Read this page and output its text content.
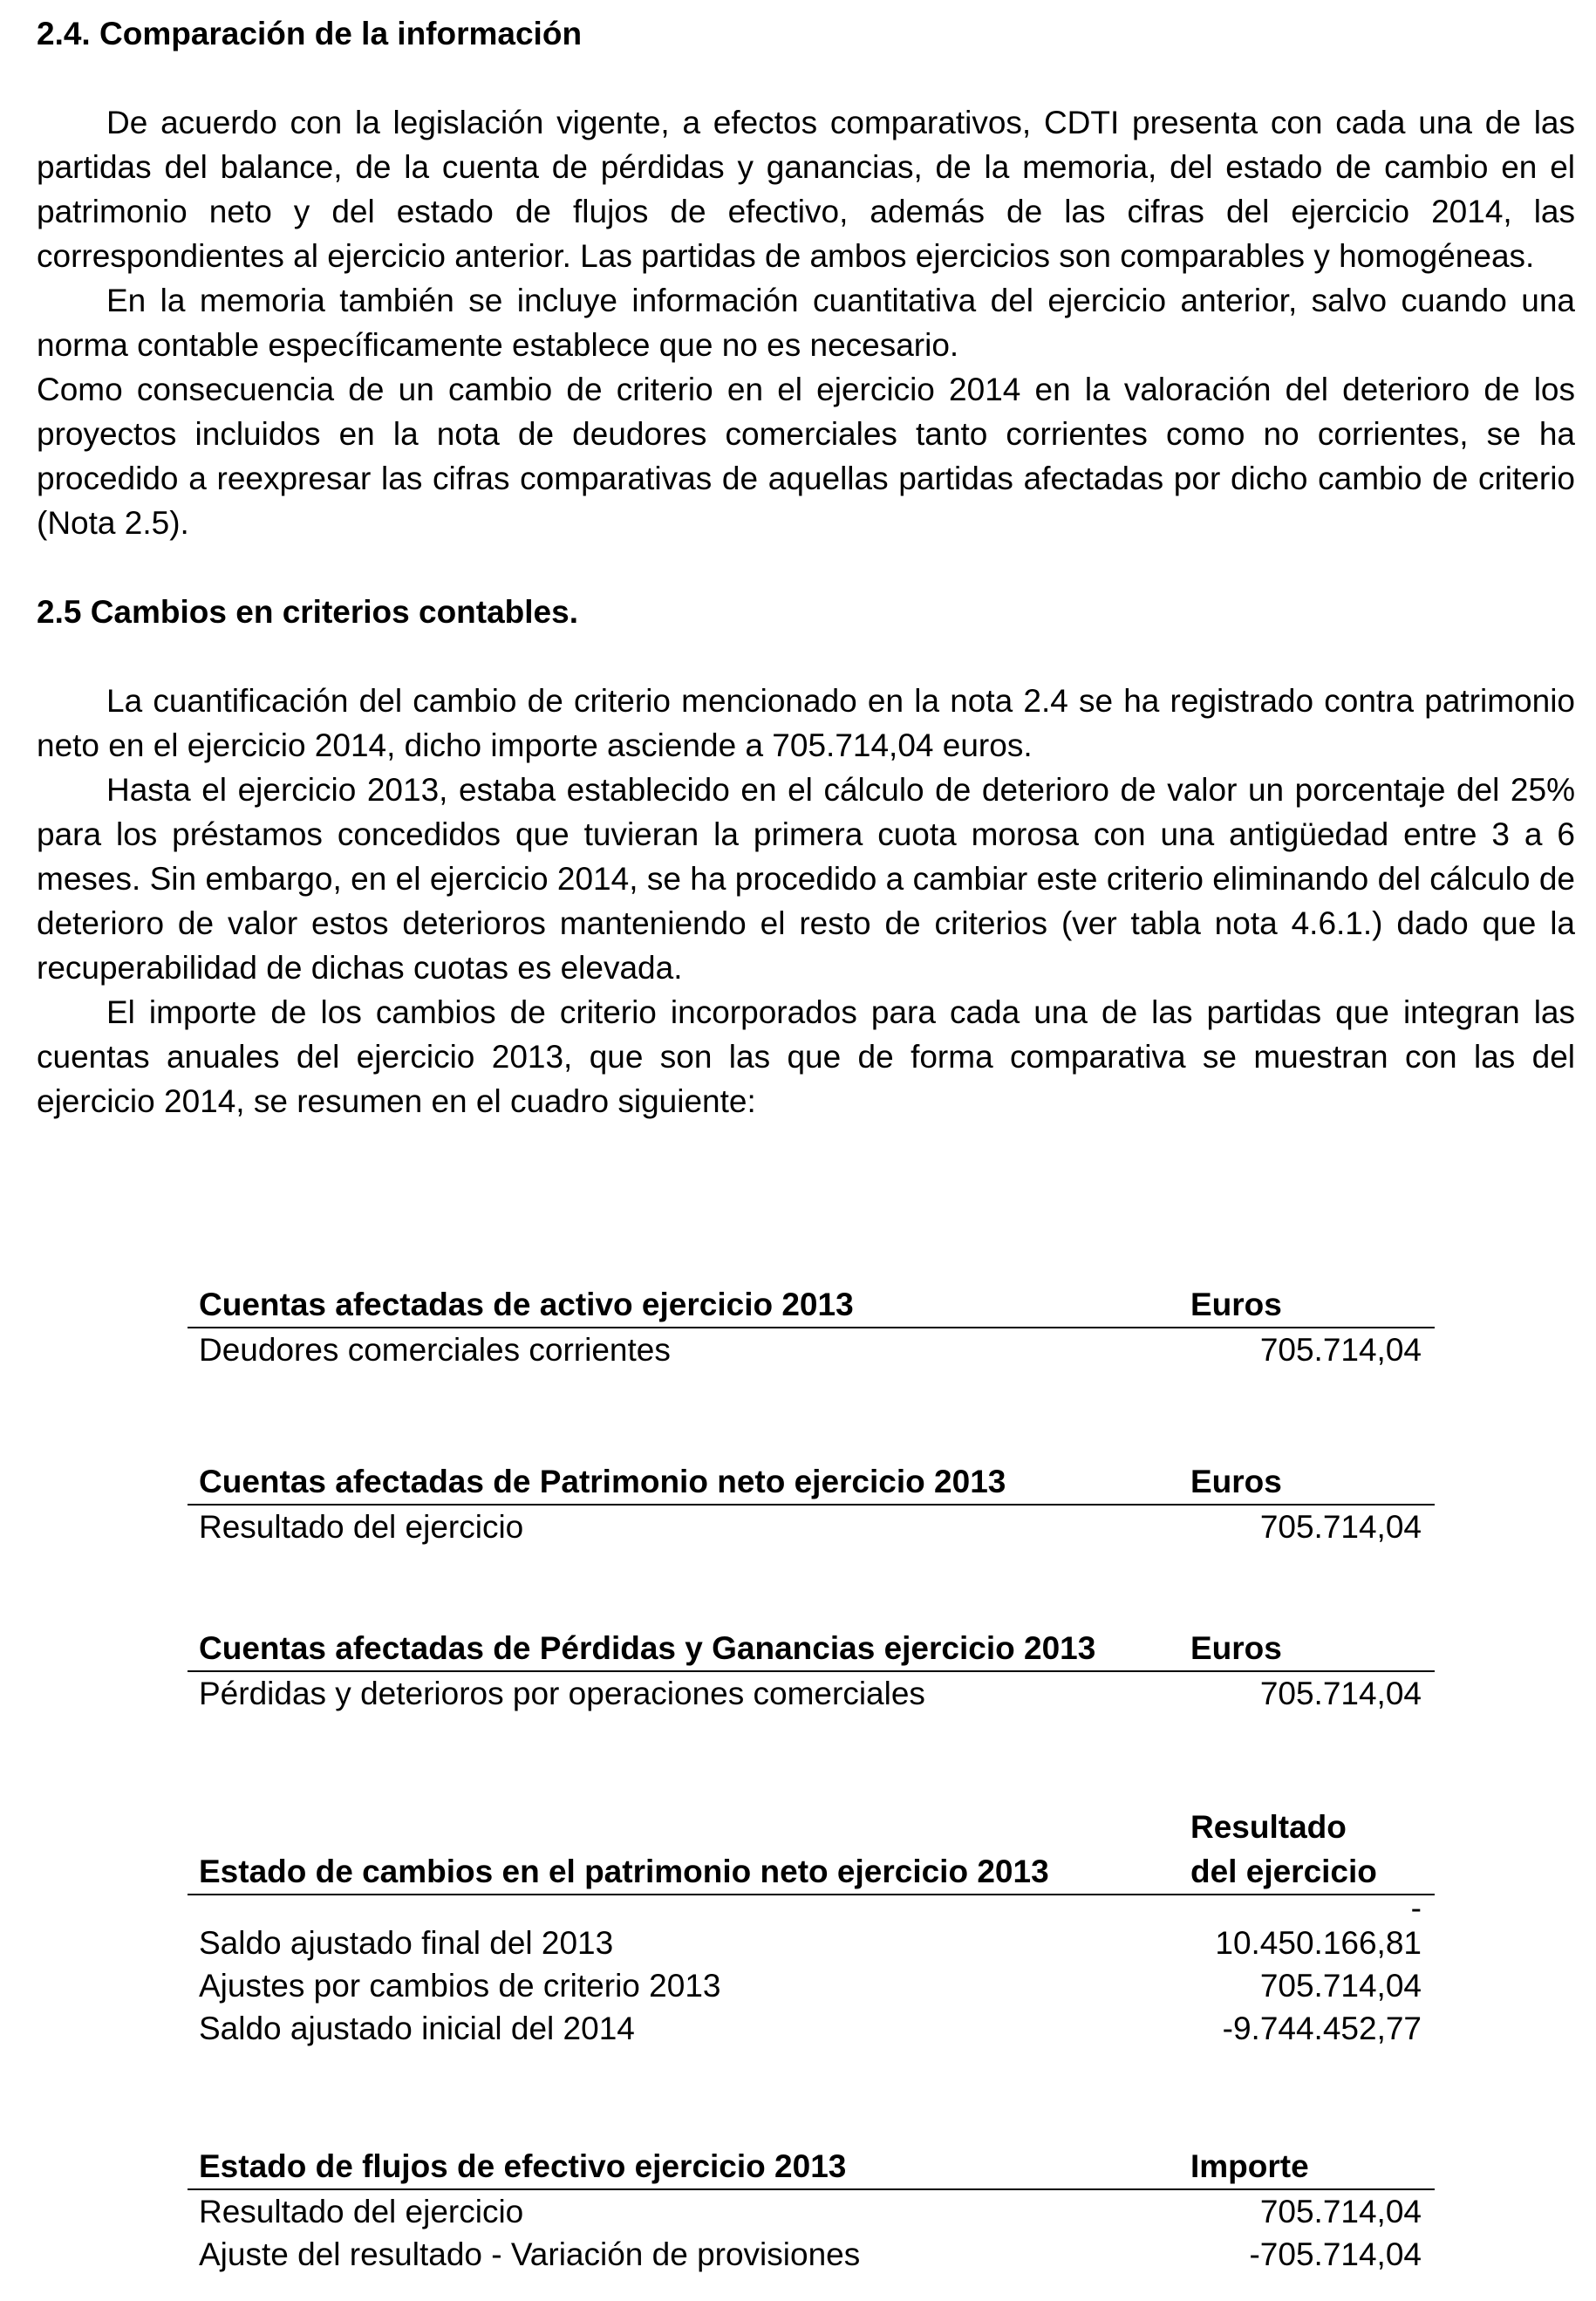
2.4. Comparación de la información

De acuerdo con la legislación vigente, a efectos comparativos, CDTI presenta con cada una de las partidas del balance, de la cuenta de pérdidas y ganancias, de la memoria, del estado de cambio en el patrimonio neto y del estado de flujos de efectivo, además de las cifras del ejercicio 2014, las correspondientes al ejercicio anterior. Las partidas de ambos ejercicios son comparables y homogéneas.

En la memoria también se incluye información cuantitativa del ejercicio anterior, salvo cuando una norma contable específicamente establece que no es necesario.

Como consecuencia de un cambio de criterio en el ejercicio 2014 en la valoración del deterioro de los proyectos incluidos en la nota de deudores comerciales tanto corrientes como no corrientes, se ha procedido a reexpresar las cifras comparativas de aquellas partidas afectadas por dicho cambio de criterio (Nota 2.5).

2.5 Cambios en criterios contables.

La cuantificación del cambio de criterio mencionado en la nota 2.4 se ha registrado contra patrimonio neto en el ejercicio 2014, dicho importe asciende a 705.714,04 euros.

Hasta el ejercicio 2013, estaba establecido en el cálculo de deterioro de valor un porcentaje del 25% para los préstamos concedidos que tuvieran la primera cuota morosa con una antigüedad entre 3 a 6 meses. Sin embargo, en el ejercicio 2014, se ha procedido a cambiar este criterio eliminando del cálculo de deterioro de valor estos deterioros manteniendo el resto de criterios (ver tabla nota 4.6.1.) dado que la recuperabilidad de dichas cuotas es elevada.

El importe de los cambios de criterio incorporados para cada una de las partidas que integran las cuentas anuales del ejercicio 2013, que son las que de forma comparativa se muestran con las del ejercicio 2014, se resumen en el cuadro siguiente:

Cuentas afectadas de activo ejercicio 2013	Euros
Deudores comerciales corrientes	705.714,04
Cuentas afectadas de Patrimonio neto ejercicio 2013	Euros
Resultado del ejercicio	705.714,04
Cuentas afectadas de Pérdidas y Ganancias ejercicio 2013	Euros
Pérdidas y deterioros por operaciones comerciales	705.714,04
Estado de cambios en el patrimonio neto ejercicio 2013	Resultado
del ejercicio
	-
Saldo ajustado final del 2013	10.450.166,81
Ajustes por cambios de criterio 2013	705.714,04
Saldo ajustado inicial del 2014	-9.744.452,77
Estado de flujos de efectivo ejercicio 2013	Importe
Resultado del ejercicio	705.714,04
Ajuste del resultado - Variación de provisiones	-705.714,04
